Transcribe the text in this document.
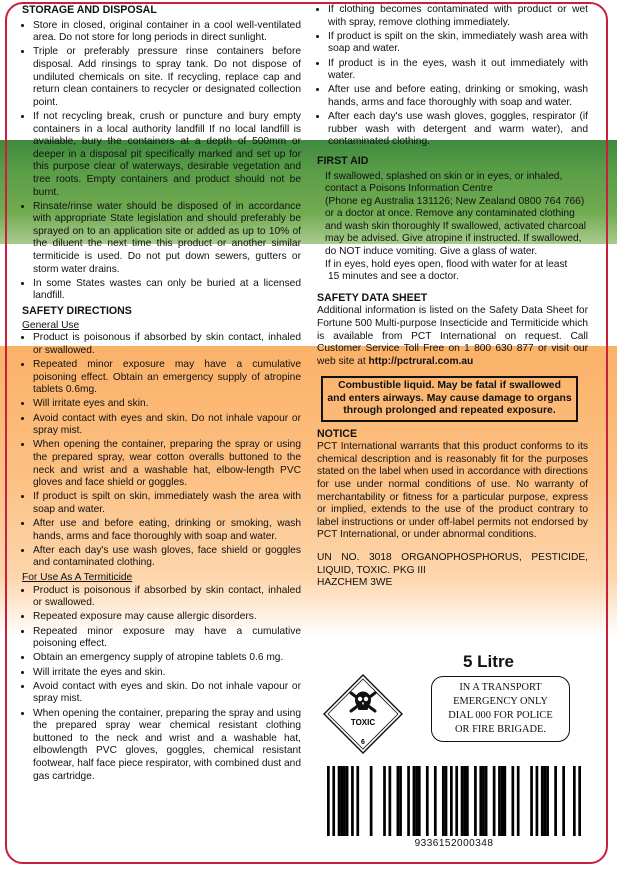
STORAGE AND DISPOSAL
• Store in closed, original container in a cool well-ventilated area. Do not store for long periods in direct sunlight.
• Triple or preferably pressure rinse containers before disposal. Add rinsings to spray tank. Do not dispose of undiluted chemicals on site. If recycling, replace cap and return clean containers to recycler or designated collection point.
• If not recycling break, crush or puncture and bury empty containers in a local authority landfill If no local landfill is available, bury the containers at a depth of 500mm or deeper in a disposal pit specifically marked and set up for this purpose clear of waterways, desirable vegetation and tree roots. Empty containers and product should not be burnt.
• Rinsate/rinse water should be disposed of in accordance with appropriate State legislation and should preferably be sprayed on to an application site or added as up to 10% of the diluent the next time this product or another similar termiticide is used. Do not put down sewers, gutters or storm water drains.
• In some States wastes can only be buried at a licensed landfill.
SAFETY DIRECTIONS
General Use
• Product is poisonous if absorbed by skin contact, inhaled or swallowed.
• Repeated minor exposure may have a cumulative poisoning effect. Obtain an emergency supply of atropine tablets 0.6mg.
• Will irritate eyes and skin.
• Avoid contact with eyes and skin. Do not inhale vapour or spray mist.
• When opening the container, preparing the spray or using the prepared spray, wear cotton overalls buttoned to the neck and wrist and a washable hat, elbow-length PVC gloves and face shield or goggles.
• If product is spilt on skin, immediately wash the area with soap and water.
• After use and before eating, drinking or smoking, wash hands, arms and face thoroughly with soap and water.
• After each day's use wash gloves, face shield or goggles and contaminated clothing.
For Use As A Termiticide
• Product is poisonous if absorbed by skin contact, inhaled or swallowed.
• Repeated exposure may cause allergic disorders.
• Repeated minor exposure may have a cumulative poisoning effect.
• Obtain an emergency supply of atropine tablets 0.6 mg.
• Will irritate the eyes and skin.
• Avoid contact with eyes and skin. Do not inhale vapour or spray mist.
• When opening the container, preparing the spray and using the prepared spray wear chemical resistant clothing buttoned to the neck and wrist and a washable hat, elbowlength PVC gloves, goggles, chemical resistant footwear, half face piece respirator, with combined dust and gas cartridge.
• If clothing becomes contaminated with product or wet with spray, remove clothing immediately.
• If product is spilt on the skin, immediately wash area with soap and water.
• If product is in the eyes, wash it out immediately with water.
• After use and before eating, drinking or smoking, wash hands, arms and face thoroughly with soap and water.
• After each day's use wash gloves, goggles, respirator (if rubber wash with detergent and warm water), and contaminated clothing.
FIRST AID

If swallowed, splashed on skin or in eyes, or inhaled,

contact a Poisons Information Centre

(Phone eg Australia 131126; New Zealand 0800 764 766)

or a doctor at once. Remove any contaminated clothing

and wash skin thoroughly If swallowed, activated charcoal

may be advised. Give atropine if instructed. If swallowed,

do NOT induce vomiting. Give a glass of water.

If in eyes, hold eyes open, flood with water for at least

15 minutes and see a doctor.

SAFETY DATA SHEET
Additional information is listed on the Safety Data Sheet for Fortune 500 Multi-purpose Insecticide and Termiticide which is available from PCT International on request. Call Customer Service Toll Free on 1 800 630 877 or visit our web site at http://pctrural.com.au
Combustible liquid. May be fatal if swallowed
and enters airways. May cause damage to organs
through prolonged and repeated exposure.
NOTICE
PCT International warrants that this product conforms to its chemical description and is reasonably fit for the purposes stated on the label when used in accordance with directions for use under normal conditions of use. No warranty of merchantability or fitness for a particular purpose, express or implied, extends to the use of the product contrary to label instructions or under off-label permits not endorsed by PCT International, or under abnormal conditions.
UN NO. 3018 ORGANOPHOSPHORUS, PESTICIDE, LIQUID, TOXIC. PKG III
HAZCHEM 3WE
5 Litre
TOXIC
6
IN A TRANSPORT
EMERGENCY ONLY
DIAL 000 FOR POLICE
OR FIRE BRIGADE.
9336152000348
